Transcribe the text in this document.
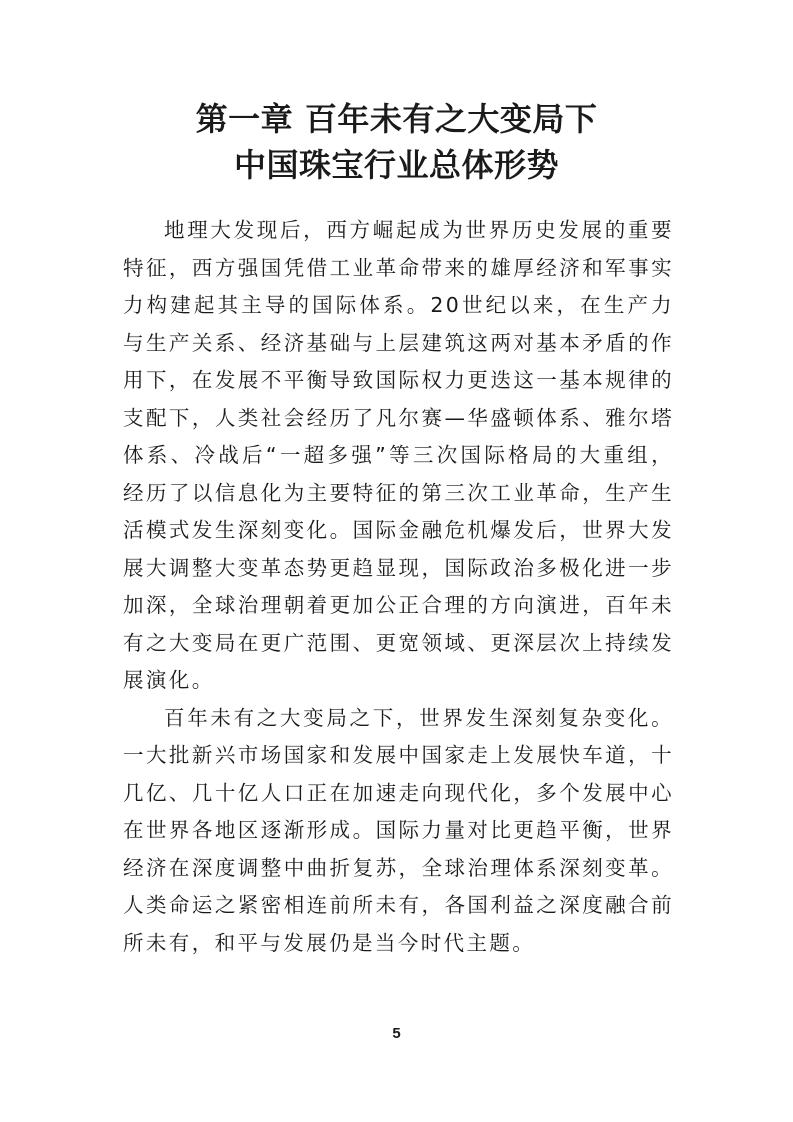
第一章 百年未有之大变局下
中国珠宝行业总体形势

地理大发现后，西方崛起成为世界历史发展的重要特征，西方强国凭借工业革命带来的雄厚经济和军事实力构建起其主导的国际体系。20世纪以来，在生产力与生产关系、经济基础与上层建筑这两对基本矛盾的作用下，在发展不平衡导致国际权力更迭这一基本规律的支配下，人类社会经历了凡尔赛—华盛顿体系、雅尔塔体系、冷战后“一超多强”等三次国际格局的大重组，经历了以信息化为主要特征的第三次工业革命，生产生活模式发生深刻变化。国际金融危机爆发后，世界大发展大调整大变革态势更趋显现，国际政治多极化进一步加深，全球治理朝着更加公正合理的方向演进，百年未有之大变局在更广范围、更宽领域、更深层次上持续发展演化。

百年未有之大变局之下，世界发生深刻复杂变化。一大批新兴市场国家和发展中国家走上发展快车道，十几亿、几十亿人口正在加速走向现代化，多个发展中心在世界各地区逐渐形成。国际力量对比更趋平衡，世界经济在深度调整中曲折复苏，全球治理体系深刻变革。人类命运之紧密相连前所未有，各国利益之深度融合前所未有，和平与发展仍是当今时代主题。

5
